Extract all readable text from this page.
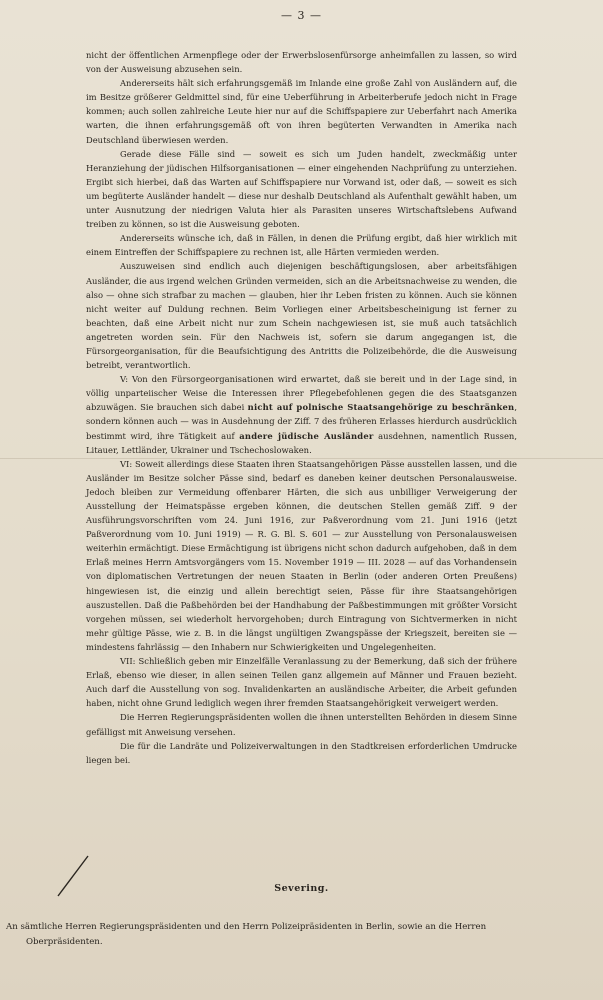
— 3 —

nicht der öffentlichen Armenpflege oder der Erwerbslosenfürsorge anheimfallen zu lassen, so wird von der Ausweisung abzusehen sein.

Andererseits hält sich erfahrungsgemäß im Inlande eine große Zahl von Ausländern auf, die im Besitze größerer Geldmittel sind, für eine Ueberführung in Arbeiterberufe jedoch nicht in Frage kommen; auch sollen zahlreiche Leute hier nur auf die Schiffspapiere zur Ueberfahrt nach Amerika warten, die ihnen erfahrungsgemäß oft von ihren begüterten Verwandten in Amerika nach Deutschland überwiesen werden.

Gerade diese Fälle sind — soweit es sich um Juden handelt, zweckmäßig unter Heranziehung der jüdischen Hilfsorganisationen — einer eingehenden Nachprüfung zu unterziehen. Ergibt sich hierbei, daß das Warten auf Schiffspapiere nur Vorwand ist, oder daß, — soweit es sich um begüterte Ausländer handelt — diese nur deshalb Deutschland als Aufenthalt gewählt haben, um unter Ausnutzung der niedrigen Valuta hier als Parasiten unseres Wirtschaftslebens Aufwand treiben zu können, so ist die Ausweisung geboten.

Andererseits wünsche ich, daß in Fällen, in denen die Prüfung ergibt, daß hier wirklich mit einem Eintreffen der Schiffspapiere zu rechnen ist, alle Härten vermieden werden.

Auszuweisen sind endlich auch diejenigen beschäftigungslosen, aber arbeitsfähigen Ausländer, die aus irgend welchen Gründen vermeiden, sich an die Arbeitsnachweise zu wenden, die also — ohne sich strafbar zu machen — glauben, hier ihr Leben fristen zu können. Auch sie können nicht weiter auf Duldung rechnen. Beim Vorliegen einer Arbeitsbescheinigung ist ferner zu beachten, daß eine Arbeit nicht nur zum Schein nachgewiesen ist, sie muß auch tatsächlich angetreten worden sein. Für den Nachweis ist, sofern sie darum angegangen ist, die Fürsorgeorganisation, für die Beaufsichtigung des Antritts die Polizeibehörde, die die Ausweisung betreibt, verantwortlich.

V: Von den Fürsorgeorganisationen wird erwartet, daß sie bereit und in der Lage sind, in völlig unparteiischer Weise die Interessen ihrer Pflegebefohlenen gegen die des Staatsganzen abzuwägen. Sie brauchen sich dabei nicht auf polnische Staatsangehörige zu beschränken, sondern können auch — was in Ausdehnung der Ziff. 7 des früheren Erlasses hierdurch ausdrücklich bestimmt wird, ihre Tätigkeit auf andere jüdische Ausländer ausdehnen, namentlich Russen, Litauer, Lettländer, Ukrainer und Tschechoslowaken.

VI: Soweit allerdings diese Staaten ihren Staatsangehörigen Pässe ausstellen lassen, und die Ausländer im Besitze solcher Pässe sind, bedarf es daneben keiner deutschen Personalausweise. Jedoch bleiben zur Vermeidung offenbarer Härten, die sich aus unbilliger Verweigerung der Ausstellung der Heimatspässe ergeben können, die deutschen Stellen gemäß Ziff. 9 der Ausführungsvorschriften vom 24. Juni 1916, zur Paßverordnung vom 21. Juni 1916 (jetzt Paßverordnung vom 10. Juni 1919) — R. G. Bl. S. 601 — zur Ausstellung von Personalausweisen weiterhin ermächtigt. Diese Ermächtigung ist übrigens nicht schon dadurch aufgehoben, daß in dem Erlaß meines Herrn Amtsvorgängers vom 15. November 1919 — III. 2028 — auf das Vorhandensein von diplomatischen Vertretungen der neuen Staaten in Berlin (oder anderen Orten Preußens) hingewiesen ist, die einzig und allein berechtigt seien, Pässe für ihre Staatsangehörigen auszustellen. Daß die Paßbehörden bei der Handhabung der Paßbestimmungen mit größter Vorsicht vorgehen müssen, sei wiederholt hervorgehoben; durch Eintragung von Sichtvermerken in nicht mehr gültige Pässe, wie z. B. in die längst ungültigen Zwangspässe der Kriegszeit, bereiten sie — mindestens fahrlässig — den Inhabern nur Schwierigkeiten und Ungelegenheiten.

VII: Schließlich geben mir Einzelfälle Veranlassung zu der Bemerkung, daß sich der frühere Erlaß, ebenso wie dieser, in allen seinen Teilen ganz allgemein auf Männer und Frauen bezieht. Auch darf die Ausstellung von sog. Invalidenkarten an ausländische Arbeiter, die Arbeit gefunden haben, nicht ohne Grund lediglich wegen ihrer fremden Staatsangehörigkeit verweigert werden.

Die Herren Regierungspräsidenten wollen die ihnen unterstellten Behörden in diesem Sinne gefälligst mit Anweisung versehen.

Die für die Landräte und Polizeiverwaltungen in den Stadtkreisen erforderlichen Umdrucke liegen bei.

Severing.
An sämtliche Herren Regierungspräsidenten und den Herrn Polizeipräsidenten in Berlin, sowie an die Herren
Oberpräsidenten.
